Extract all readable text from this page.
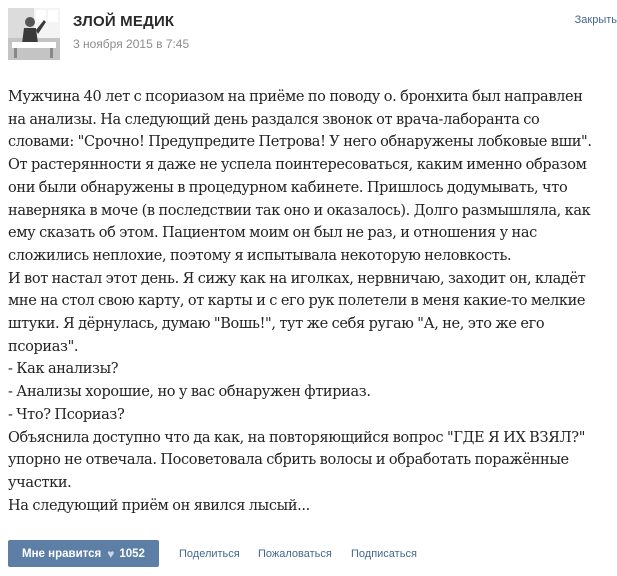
ЗЛОЙ МЕДИК
3 ноября 2015 в 7:45
Закрыть

Мужчина 40 лет с псориазом на приёме по поводу о. бронхита был направлен

на анализы. На следующий день раздался звонок от врача-лаборанта со

словами: "Срочно! Предупредите Петрова! У него обнаружены лобковые вши".

От растерянности я даже не успела поинтересоваться, каким именно образом

они были обнаружены в процедурном кабинете. Пришлось додумывать, что

наверняка в моче (в последствии так оно и оказалось). Долго размышляла, как

ему сказать об этом. Пациентом моим он был не раз, и отношения у нас

сложились неплохие, поэтому я испытывала некоторую неловкость.

И вот настал этот день. Я сижу как на иголках, нервничаю, заходит он, кладёт

мне на стол свою карту, от карты и с его рук полетели в меня какие-то мелкие

штуки. Я дёрнулась, думаю "Вошь!", тут же себя ругаю "А, не, это же его

псориаз".

- Как анализы?

- Анализы хорошие, но у вас обнаружен фтириаз.

- Что? Псориаз?

Объяснила доступно что да как, на повторяющийся вопрос "ГДЕ Я ИХ ВЗЯЛ?"

упорно не отвечала. Посоветовала сбрить волосы и обработать поражённые

участки.

На следующий приём он явился лысый...

Мне нравится ♥ 1052	Поделиться Пожаловаться Подписаться
